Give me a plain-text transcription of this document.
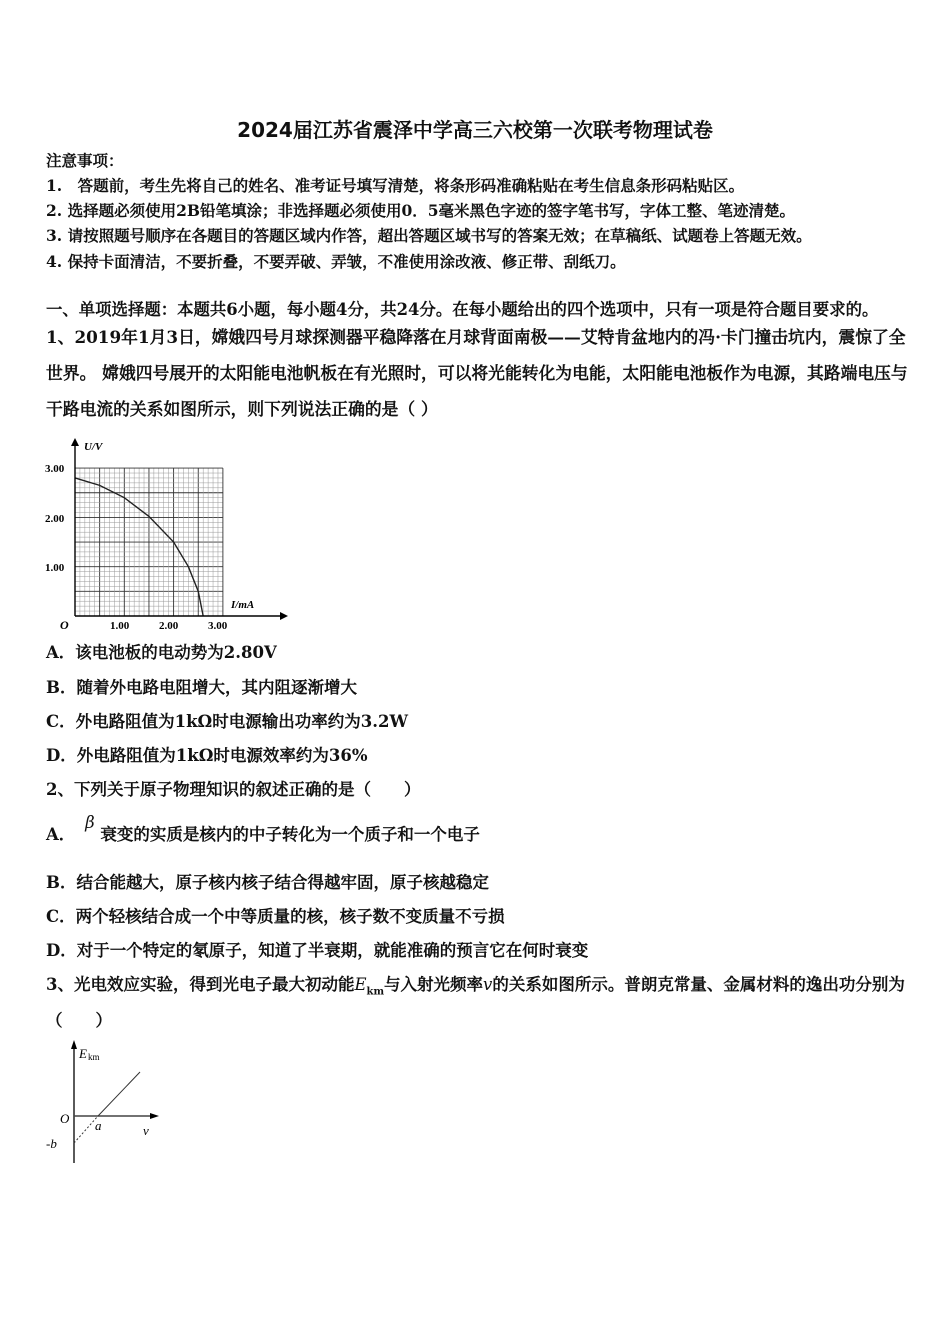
2024届江苏省震泽中学高三六校第一次联考物理试卷
注意事项：
1.　答题前，考生先将自己的姓名、准考证号填写清楚，将条形码准确粘贴在考生信息条形码粘贴区。
2. 选择题必须使用2B铅笔填涂；非选择题必须使用0．5毫米黑色字迹的签字笔书写，字体工整、笔迹清楚。
3. 请按照题号顺序在各题目的答题区域内作答，超出答题区域书写的答案无效；在草稿纸、试题卷上答题无效。
4. 保持卡面清洁，不要折叠，不要弄破、弄皱，不准使用涂改液、修正带、刮纸刀。
一、单项选择题：本题共6小题，每小题4分，共24分。在每小题给出的四个选项中，只有一项是符合题目要求的。
1、2019年1月3日，嫦娥四号月球探测器平稳降落在月球背面南极——艾特肯盆地内的冯·卡门撞击坑内，震惊了全
世界。 嫦娥四号展开的太阳能电池帆板在有光照时，可以将光能转化为电能，太阳能电池板作为电源，其路端电压与
干路电流的关系如图所示，则下列说法正确的是（ ）
U/V
I/mA
O	1.00	2.00	3.00
1.00
2.00
3.00
A．该电池板的电动势为2.80V
B．随着外电路电阻增大，其内阻逐渐增大
C．外电路阻值为1kΩ时电源输出功率约为3.2W
D．外电路阻值为1kΩ时电源效率约为36%
2、下列关于原子物理知识的叙述正确的是（　　）
A． β 衰变的实质是核内的中子转化为一个质子和一个电子
B．结合能越大，原子核内核子结合得越牢固，原子核越稳定
C．两个轻核结合成一个中等质量的核，核子数不变质量不亏损
D．对于一个特定的氡原子，知道了半衰期，就能准确的预言它在何时衰变
3、光电效应实验，得到光电子最大初动能$E_{km}$与入射光频率v的关系如图所示。普朗克常量、金属材料的逸出功分别为
（　　）
E km
O a	v
-b
